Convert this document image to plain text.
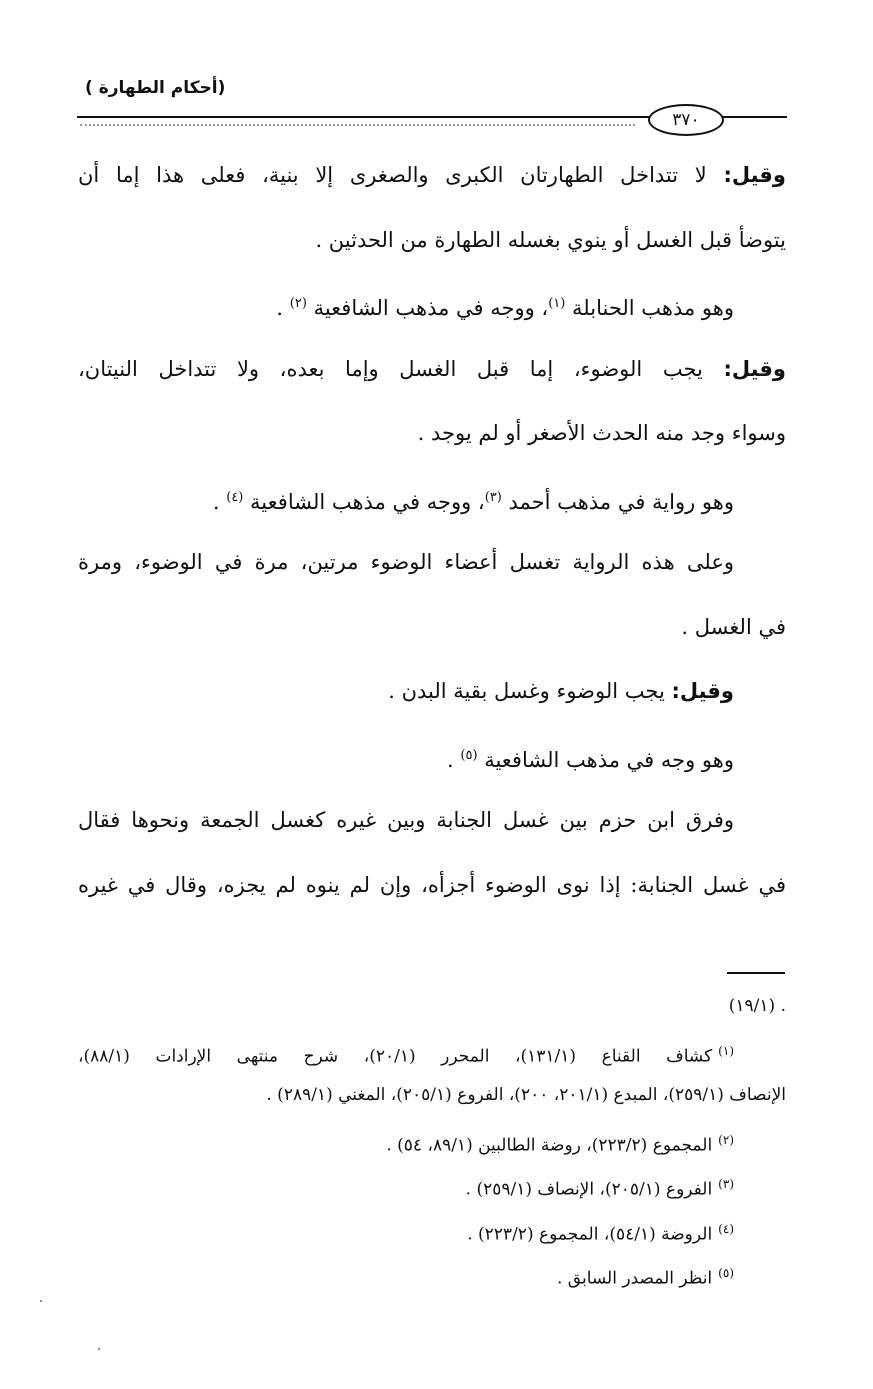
(أحكام الطهارة )
٣٧٠
وقيل: لا تتداخل الطهارتان الكبرى والصغرى إلا بنية، فعلى هذا إما أن
يتوضأ قبل الغسل أو ينوي بغسله الطهارة من الحدثين .
وهو مذهب الحنابلة $^{(١)}$، ووجه في مذهب الشافعية $^{(٢)}$ .
وقيل: يجب الوضوء، إما قبل الغسل وإما بعده، ولا تتداخل النيتان،
وسواء وجد منه الحدث الأصغر أو لم يوجد .
وهو رواية في مذهب أحمد $^{(٣)}$، ووجه في مذهب الشافعية $^{(٤)}$ .
وعلى هذه الرواية تغسل أعضاء الوضوء مرتين، مرة في الوضوء، ومرة
في الغسل .
وقيل: يجب الوضوء وغسل بقية البدن .
وهو وجه في مذهب الشافعية $^{(٥)}$ .
وفرق ابن حزم بين غسل الجنابة وبين غيره كغسل الجمعة ونحوها فقال
في غسل الجنابة: إذا نوى الوضوء أجزأه، وإن لم ينوه لم يجزه، وقال في غيره
. (١٩/١)
$^{(١)}$كشاف القناع (١٣١/١)، المحرر (٢٠/١)، شرح منتهى الإرادات (٨٨/١)،
الإنصاف (٢٥٩/١)، المبدع (٢٠١/١، ٢٠٠)، الفروع (٢٠٥/١)، المغني (٢٨٩/١) .
$^{(٢)}$المجموع (٢٢٣/٢)، روضة الطالبين (٨٩/١، ٥٤) .
$^{(٣)}$الفروع (٢٠٥/١)، الإنصاف (٢٥٩/١) .
$^{(٤)}$الروضة (٥٤/١)، المجموع (٢٢٣/٢) .
$^{(٥)}$انظر المصدر السابق .
